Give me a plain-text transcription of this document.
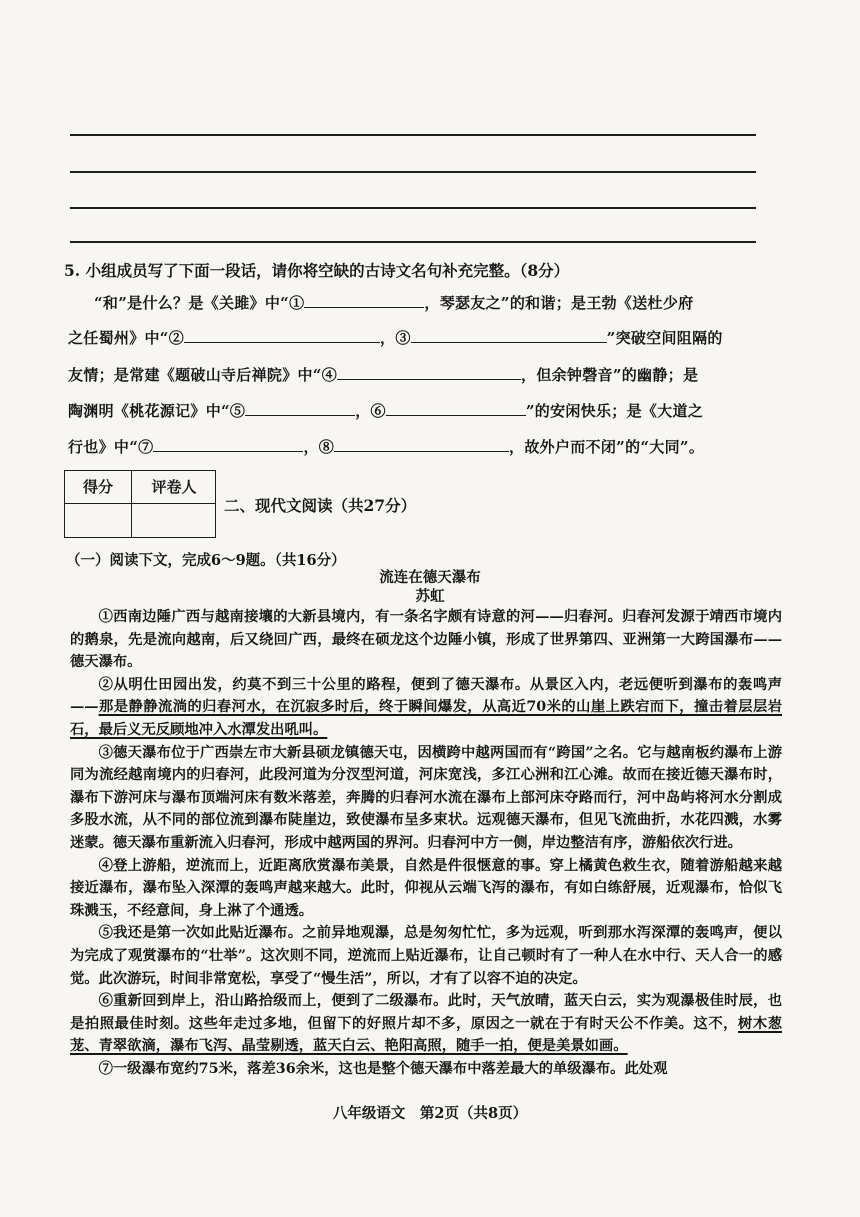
5. 小组成员写了下面一段话，请你将空缺的古诗文名句补充完整。（8分）
“和”是什么？是《关雎》中“①	，琴瑟友之”的和谐；是王勃《送杜少府
之任蜀州》中“②	，③	”突破空间阻隔的
友情；是常建《题破山寺后禅院》中“④	，但余钟磬音”的幽静；是
陶渊明《桃花源记》中“⑤	，⑥	”的安闲快乐；是《大道之
行也》中“⑦	，⑧	，故外户而不闭”的“大同”。
得分	评卷人
二、现代文阅读（共27分）
（一）阅读下文，完成6～9题。（共16分）
流连在德天瀑布
苏虹

①西南边陲广西与越南接壤的大新县境内，有一条名字颇有诗意的河——归春河。归春河发源于靖西市境内的鹅泉，先是流向越南，后又绕回广西，最终在硕龙这个边陲小镇，形成了世界第四、亚洲第一大跨国瀑布——德天瀑布。

②从明仕田园出发，约莫不到三十公里的路程，便到了德天瀑布。从景区入内，老远便听到瀑布的轰鸣声——那是静静流淌的归春河水，在沉寂多时后，终于瞬间爆发，从高近70米的山崖上跌宕而下，撞击着层层岩石，最后义无反顾地冲入水潭发出吼叫。

③德天瀑布位于广西崇左市大新县硕龙镇德天屯，因横跨中越两国而有“跨国”之名。它与越南板约瀑布上游同为流经越南境内的归春河，此段河道为分汊型河道，河床宽浅，多江心洲和江心滩。故而在接近德天瀑布时，瀑布下游河床与瀑布顶端河床有数米落差，奔腾的归春河水流在瀑布上部河床夺路而行，河中岛屿将河水分割成多股水流，从不同的部位流到瀑布陡崖边，致使瀑布呈多束状。远观德天瀑布，但见飞流曲折，水花四溅，水雾迷蒙。德天瀑布重新流入归春河，形成中越两国的界河。归春河中方一侧，岸边整洁有序，游船依次行进。

④登上游船，逆流而上，近距离欣赏瀑布美景，自然是件很惬意的事。穿上橘黄色救生衣，随着游船越来越接近瀑布，瀑布坠入深潭的轰鸣声越来越大。此时，仰视从云端飞泻的瀑布，有如白练舒展，近观瀑布，恰似飞珠溅玉，不经意间，身上淋了个通透。

⑤我还是第一次如此贴近瀑布。之前异地观瀑，总是匆匆忙忙，多为远观，听到那水泻深潭的轰鸣声，便以为完成了观赏瀑布的“壮举”。这次则不同，逆流而上贴近瀑布，让自己顿时有了一种人在水中行、天人合一的感觉。此次游玩，时间非常宽松，享受了“慢生活”，所以，才有了以容不迫的决定。

⑥重新回到岸上，沿山路拾级而上，便到了二级瀑布。此时，天气放晴，蓝天白云，实为观瀑极佳时辰，也是拍照最佳时刻。这些年走过多地，但留下的好照片却不多，原因之一就在于有时天公不作美。这不，树木葱茏、青翠欲滴，瀑布飞泻、晶莹剔透，蓝天白云、艳阳高照，随手一拍，便是美景如画。

⑦一级瀑布宽约75米，落差36余米，这也是整个德天瀑布中落差最大的单级瀑布。此处观

八年级语文　第2页（共8页）
